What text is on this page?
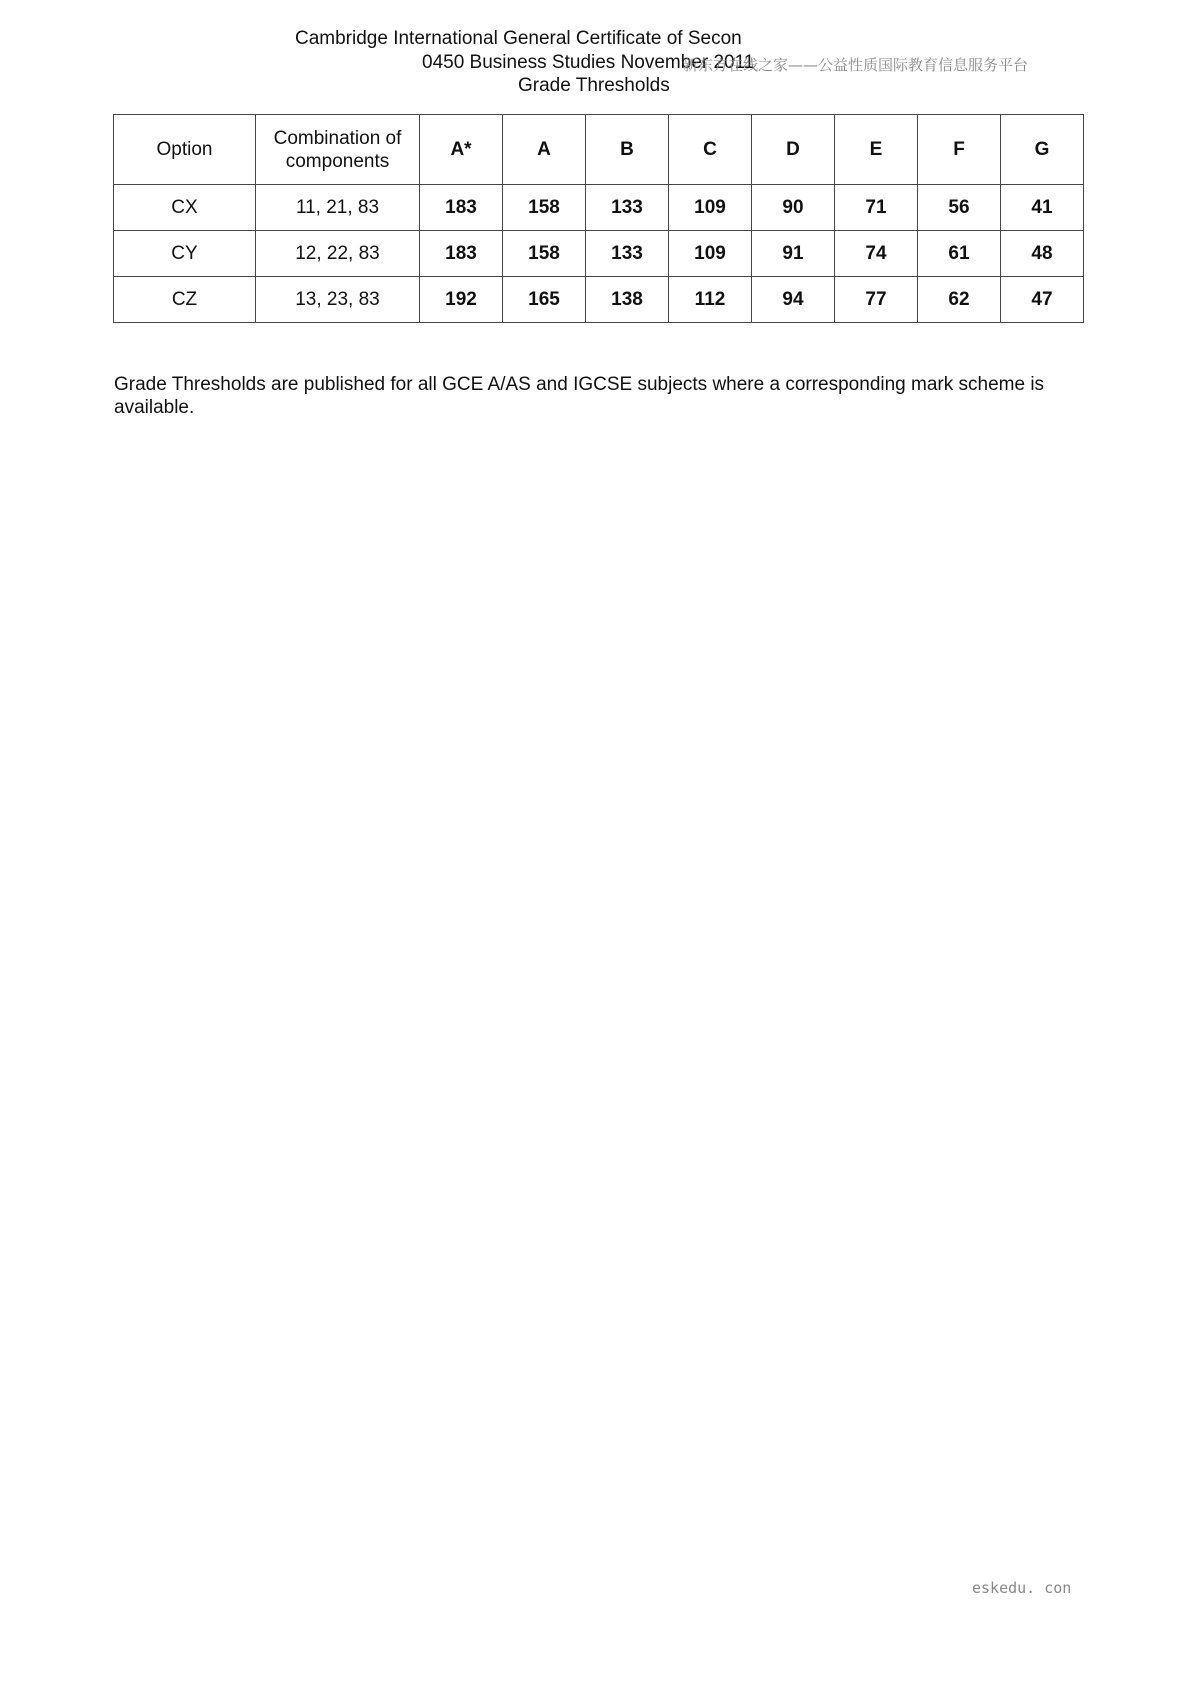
Cambridge International General Certificate of Secon
0450 Business Studies November 2011
Grade Thresholds
新东方在线之家——公益性质国际教育信息服务平台
Option	Combination of components	A*	A	B	C	D	E	F	G
CX	11, 21, 83	183	158	133	109	90	71	56	41
CY	12, 22, 83	183	158	133	109	91	74	61	48
CZ	13, 23, 83	192	165	138	112	94	77	62	47
Grade Thresholds are published for all GCE A/AS and IGCSE subjects where a corresponding mark scheme is available.
eskedu. con
